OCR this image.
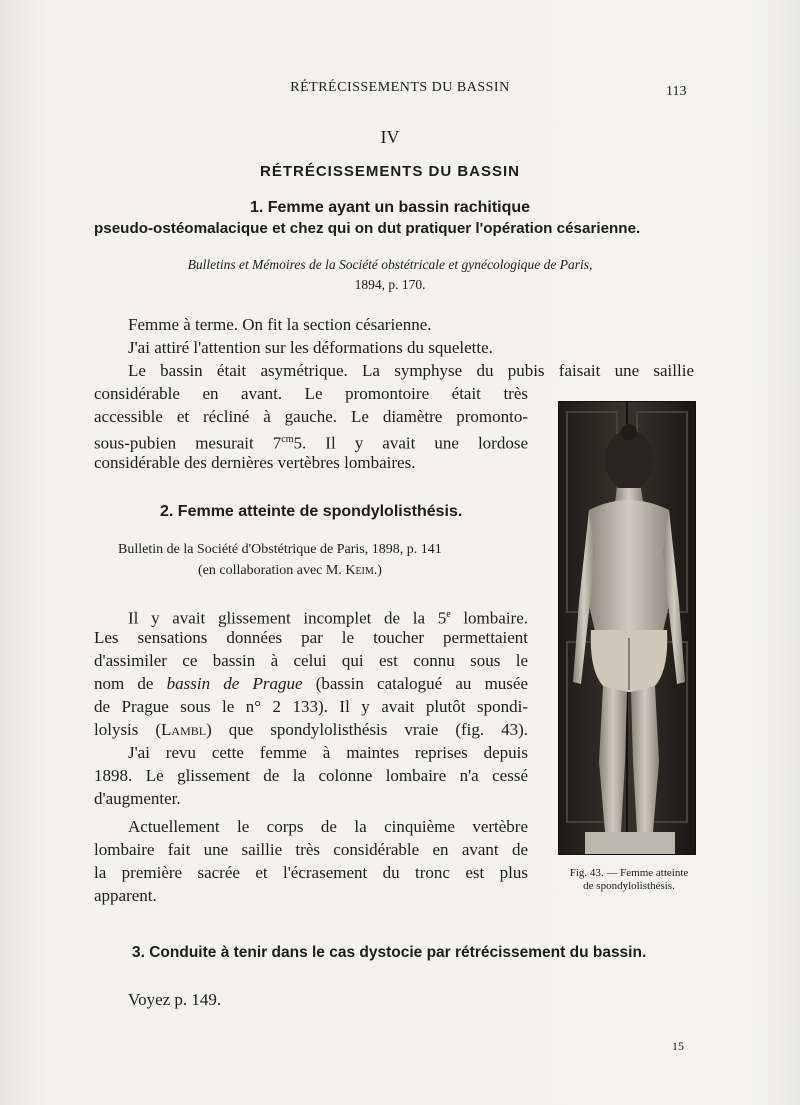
RÉTRÉCISSEMENTS DU BASSIN	113
IV
RÉTRÉCISSEMENTS DU BASSIN
1. Femme ayant un bassin rachitique
pseudo-ostéomalacique et chez qui on dut pratiquer l'opération césarienne.
Bulletins et Mémoires de la Société obstétricale et gynécologique de Paris,
1894, p. 170.
Femme à terme. On fit la section césarienne.
J'ai attiré l'attention sur les déformations du squelette.
Le bassin était asymétrique. La symphyse du pubis faisait une saillie
considérable en avant. Le promontoire était très
accessible et récliné à gauche. Le diamètre promonto-
sous-pubien mesurait $7^{cm}5$. Il y avait une lordose
considérable des dernières vertèbres lombaires.
2. Femme atteinte de spondylolisthésis.
Bulletin de la Société d'Obstétrique de Paris, 1898, p. 141
(en collaboration avec M. Keim.)
Il y avait glissement incomplet de la 5e lombaire.
Les sensations données par le toucher permettaient
d'assimiler ce bassin à celui qui est connu sous le
nom de bassin de Prague (bassin catalogué au musée
de Prague sous le n° 2 133). Il y avait plutôt spondi-
lolysis (Lambl) que spondylolisthésis vraie (fig. 43).
J'ai revu cette femme à maintes reprises depuis
1898. Le glissement de la colonne lombaire n'a cessé
d'augmenter.
Actuellement le corps de la cinquième vertèbre
lombaire fait une saillie très considérable en avant de
la première sacrée et l'écrasement du tronc est plus
apparent.
Fig. 43. — Femme atteinte
de spondylolisthésis.
3. Conduite à tenir dans le cas dystocie par rétrécissement du bassin.
Voyez p. 149.
15
